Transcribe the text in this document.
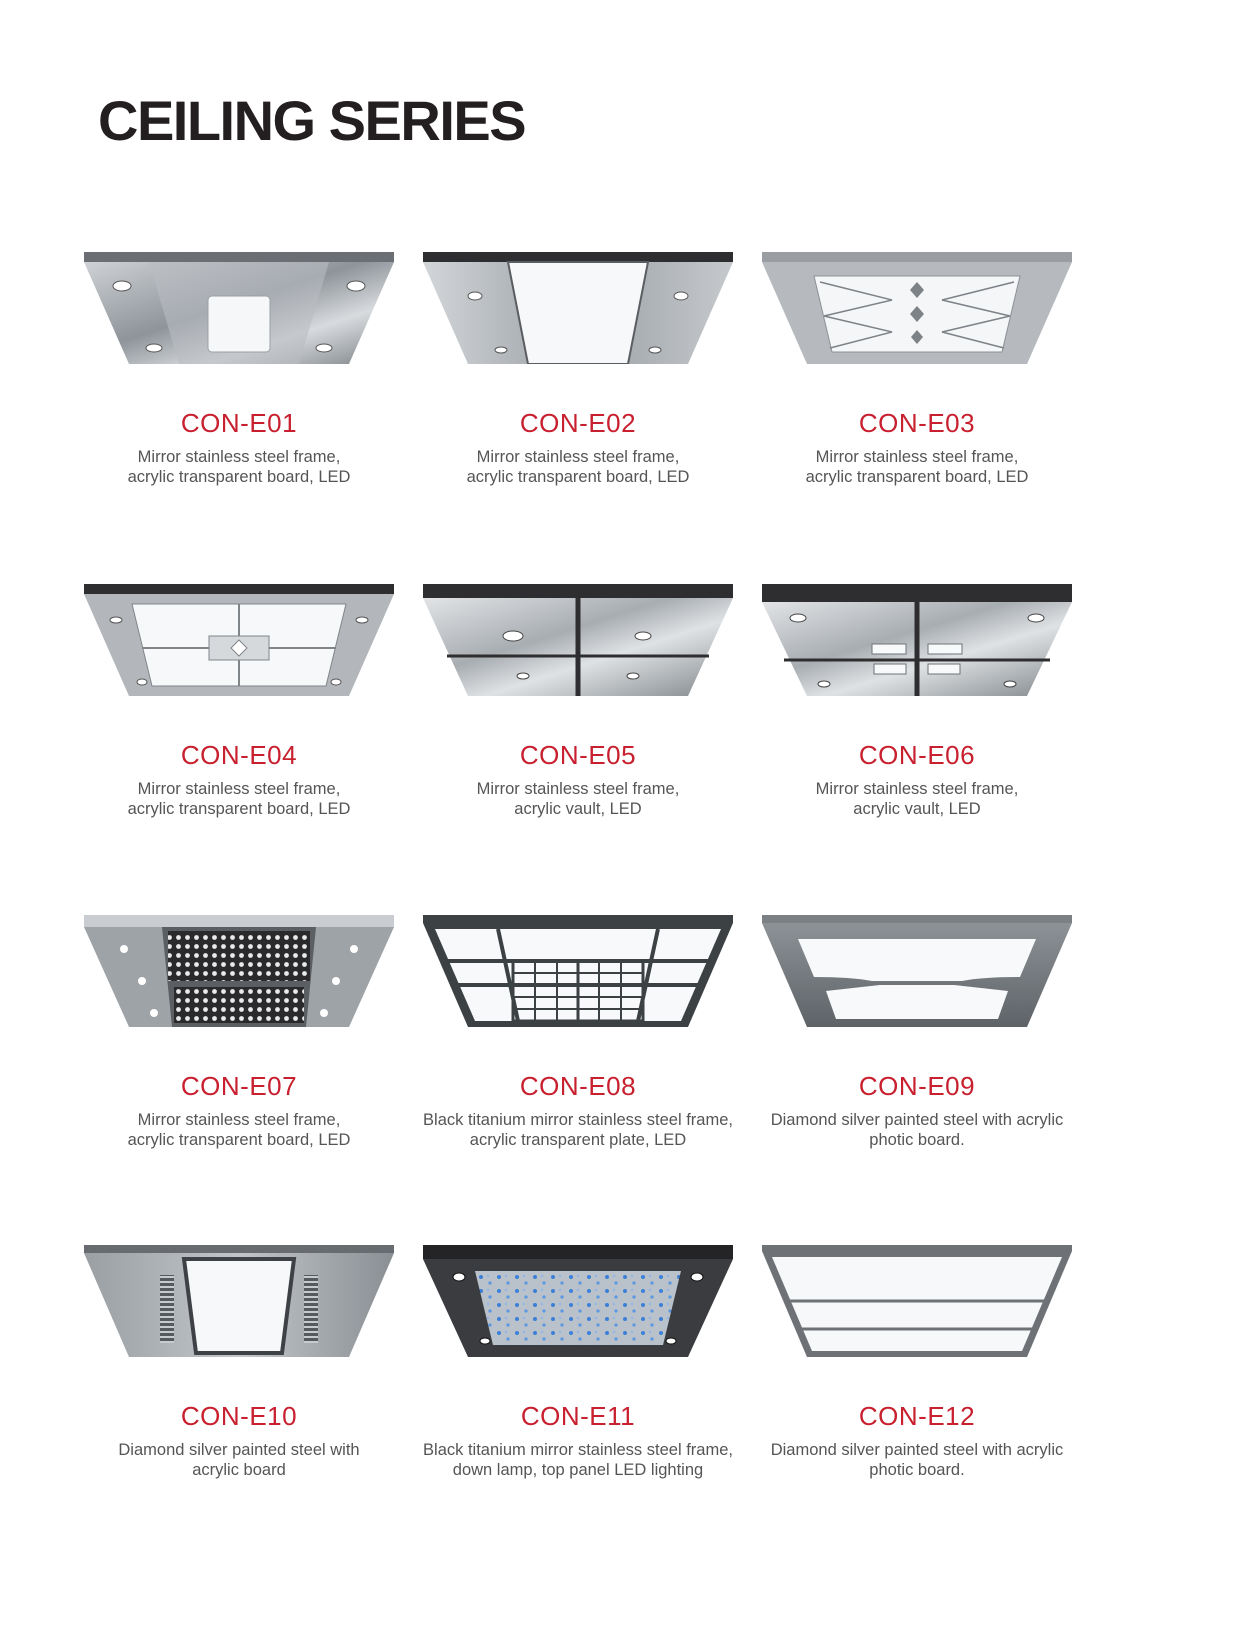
CEILING SERIES
CON-E01
Mirror stainless steel frame,
acrylic transparent board, LED
CON-E02
Mirror stainless steel frame,
acrylic transparent board, LED
CON-E03
Mirror stainless steel frame,
acrylic transparent board, LED
CON-E04
Mirror stainless steel frame,
acrylic transparent board, LED
CON-E05
Mirror stainless steel frame,
acrylic vault, LED
CON-E06
Mirror stainless steel frame,
acrylic vault, LED
CON-E07
Mirror stainless steel frame,
acrylic transparent board, LED
CON-E08
Black titanium mirror stainless steel frame,
acrylic transparent plate, LED
CON-E09
Diamond silver painted steel with acrylic
photic board.
CON-E10
Diamond silver painted steel with
acrylic board
CON-E11
Black titanium mirror stainless steel frame,
down lamp, top panel LED lighting
CON-E12
Diamond silver painted steel with acrylic
photic board.
